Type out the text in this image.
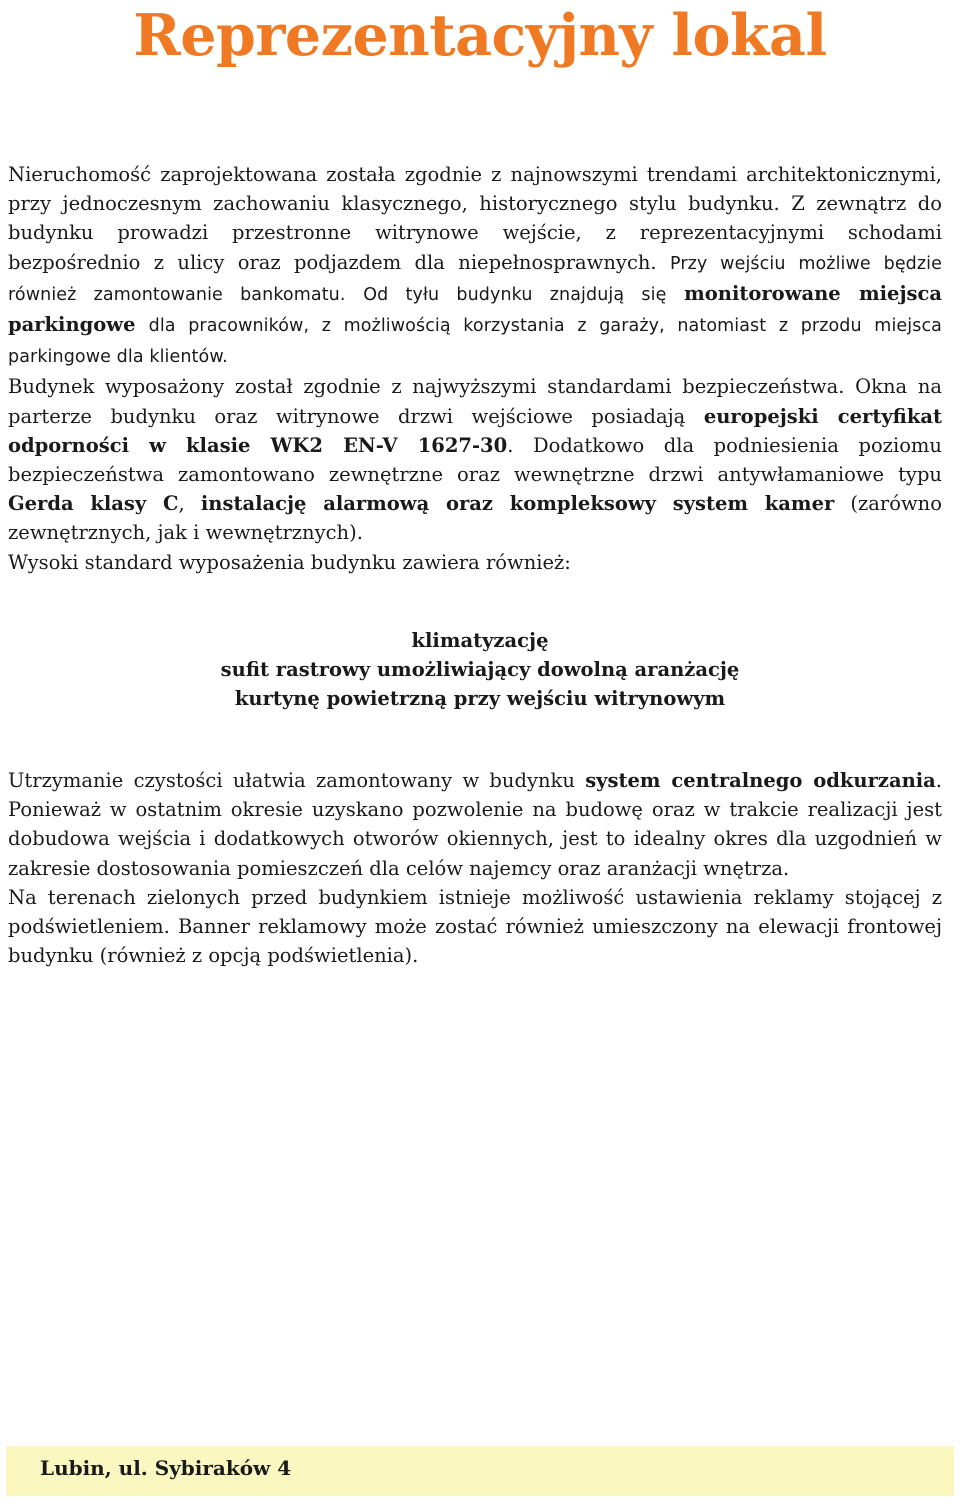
Reprezentacyjny lokal

Nieruchomość zaprojektowana została zgodnie z najnowszymi trendami architektonicznymi, przy jednoczesnym zachowaniu klasycznego, historycznego stylu budynku. Z zewnątrz do budynku prowadzi przestronne witrynowe wejście, z reprezentacyjnymi schodami bezpośrednio z ulicy oraz podjazdem dla niepełnosprawnych. Przy wejściu możliwe będzie również zamontowanie bankomatu. Od tyłu budynku znajdują się monitorowane miejsca parkingowe dla pracowników, z możliwością korzystania z garaży, natomiast z przodu miejsca parkingowe dla klientów.

Budynek wyposażony został zgodnie z najwyższymi standardami bezpieczeństwa. Okna na parterze budynku oraz witrynowe drzwi wejściowe posiadają europejski certyfikat odporności w klasie WK2 EN-V 1627-30. Dodatkowo dla podniesienia poziomu bezpieczeństwa zamontowano zewnętrzne oraz wewnętrzne drzwi antywłamaniowe typu Gerda klasy C, instalację alarmową oraz kompleksowy system kamer (zarówno zewnętrznych, jak i wewnętrznych).

Wysoki standard wyposażenia budynku zawiera również:

klimatyzację
sufit rastrowy umożliwiający dowolną aranżację
kurtynę powietrzną przy wejściu witrynowym

Utrzymanie czystości ułatwia zamontowany w budynku system centralnego odkurzania. Ponieważ w ostatnim okresie uzyskano pozwolenie na budowę oraz w trakcie realizacji jest dobudowa wejścia i dodatkowych otworów okiennych, jest to idealny okres dla uzgodnień w zakresie dostosowania pomieszczeń dla celów najemcy oraz aranżacji wnętrza.

Na terenach zielonych przed budynkiem istnieje możliwość ustawienia reklamy stojącej z podświetleniem. Banner reklamowy może zostać również umieszczony na elewacji frontowej budynku (również z opcją podświetlenia).

Lubin, ul. Sybiraków 4
